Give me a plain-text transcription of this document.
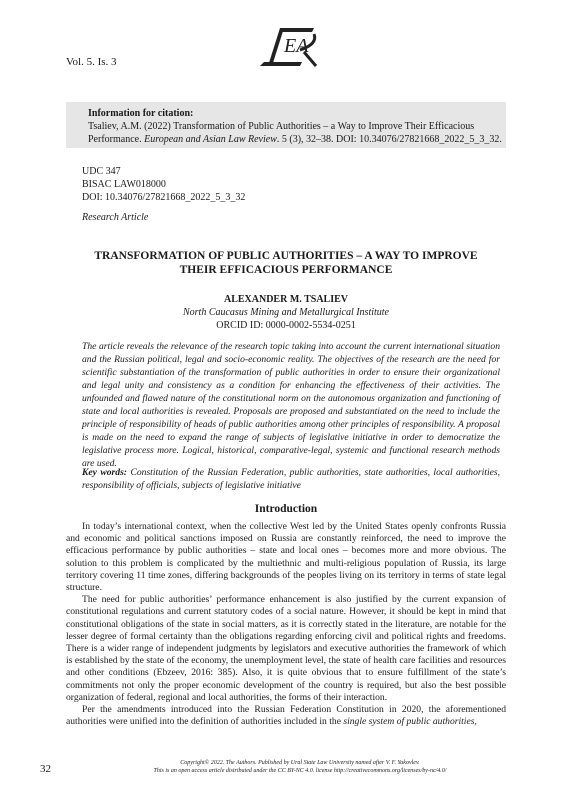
Vol. 5. Is. 3
EA
Information for citation:
Tsaliev, A.M. (2022) Transformation of Public Authorities – a Way to Improve Their Efficacious
Performance. European and Asian Law Review. 5 (3), 32–38. DOI: 10.34076/27821668_2022_5_3_32.
UDC 347
BISAC LAW018000
DOI: 10.34076/27821668_2022_5_3_32
Research Article
TRANSFORMATION OF PUBLIC AUTHORITIES – A WAY TO IMPROVE
THEIR EFFICACIOUS PERFORMANCE
ALEXANDER M. TSALIEV
North Caucasus Mining and Metallurgical Institute
ORCID ID: 0000-0002-5534-0251
The article reveals the relevance of the research topic taking into account the current international situation and the Russian political, legal and socio-economic reality. The objectives of the research are the need for scientific substantiation of the transformation of public authorities in order to ensure their organizational and legal unity and consistency as a condition for enhancing the effectiveness of their activities. The unfounded and flawed nature of the constitutional norm on the autonomous organization and functioning of state and local authorities is revealed. Proposals are proposed and substantiated on the need to include the principle of responsibility of heads of public authorities among other principles of responsibility. A proposal is made on the need to expand the range of subjects of legislative initiative in order to democratize the legislative process more. Logical, historical, comparative-legal, systemic and functional research methods are used.
Key words: Constitution of the Russian Federation, public authorities, state authorities, local authorities, responsibility of officials, subjects of legislative initiative
Introduction

In today’s international context, when the collective West led by the United States openly confronts Russia and economic and political sanctions imposed on Russia are constantly reinforced, the need to improve the efficacious performance by public authorities – state and local ones – becomes more and more obvious. The solution to this problem is complicated by the multiethnic and multi-religious population of Russia, its large territory covering 11 time zones, differing backgrounds of the peoples living on its territory in terms of state legal structure.

The need for public authorities’ performance enhancement is also justified by the current expansion of constitutional regulations and current statutory codes of a social nature. However, it should be kept in mind that constitutional obligations of the state in social matters, as it is correctly stated in the literature, are notable for the lesser degree of formal certainty than the obligations regarding enforcing civil and political rights and freedoms. There is a wider range of independent judgments by legislators and executive authorities the framework of which is established by the state of the economy, the unemployment level, the state of health care facilities and resources and other conditions (Ebzeev, 2016: 385). Also, it is quite obvious that to ensure fulfillment of the state’s commitments not only the proper economic development of the country is required, but also the best possible organization of federal, regional and local authorities, the forms of their interaction.

Per the amendments introduced into the Russian Federation Constitution in 2020, the aforementioned authorities were unified into the definition of authorities included in the single system of public authorities,

32	Copyright© 2022. The Authors. Published by Ural State Law University named after V. F. Yakovlev.
This is an open access article distributed under the CC BY-NC 4.0. license http://creativecommons.org/licenses/by-nc/4.0/
